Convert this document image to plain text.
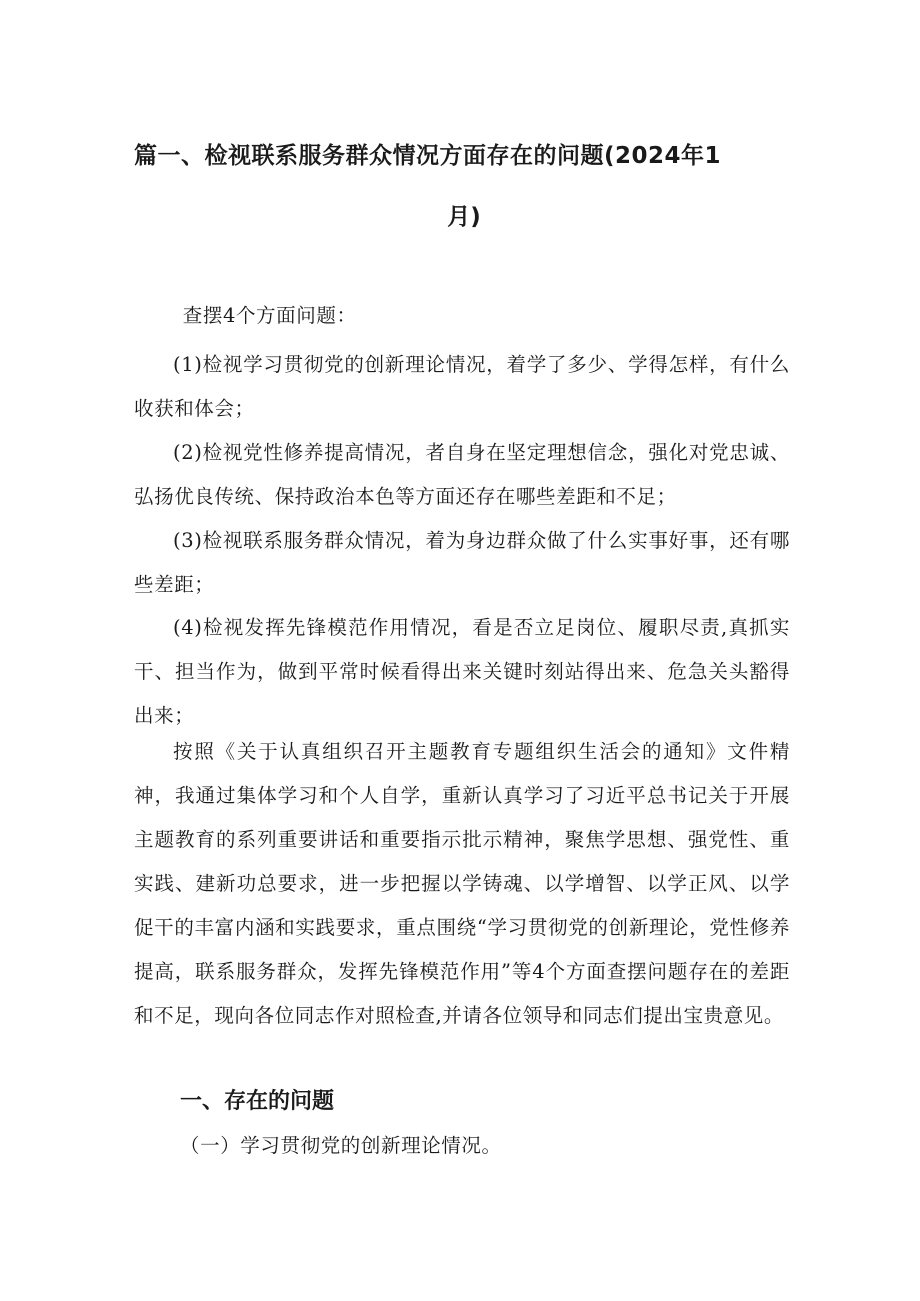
篇一、检视联系服务群众情况方面存在的问题(2024年1
月)

查摆4个方面问题：

(1)检视学习贯彻党的创新理论情况，着学了多少、学得怎样，有什么收获和体会；

(2)检视党性修养提高情况，者自身在坚定理想信念，强化对党忠诚、弘扬优良传统、保持政治本色等方面还存在哪些差距和不足；

(3)检视联系服务群众情况，着为身边群众做了什么实事好事，还有哪些差距；

(4)检视发挥先锋模范作用情况，看是否立足岗位、履职尽责,真抓实干、担当作为，做到平常时候看得出来关键时刻站得出来、危急关头豁得出来；

按照《关于认真组织召开主题教育专题组织生活会的通知》文件精神，我通过集体学习和个人自学，重新认真学习了习近平总书记关于开展主题教育的系列重要讲话和重要指示批示精神，聚焦学思想、强党性、重实践、建新功总要求，进一步把握以学铸魂、以学增智、以学正风、以学促干的丰富内涵和实践要求，重点围绕“学习贯彻党的创新理论，党性修养提高，联系服务群众，发挥先锋模范作用”等4个方面查摆问题存在的差距和不足，现向各位同志作对照检查,并请各位领导和同志们提出宝贵意见。

一、存在的问题

（一）学习贯彻党的创新理论情况。
